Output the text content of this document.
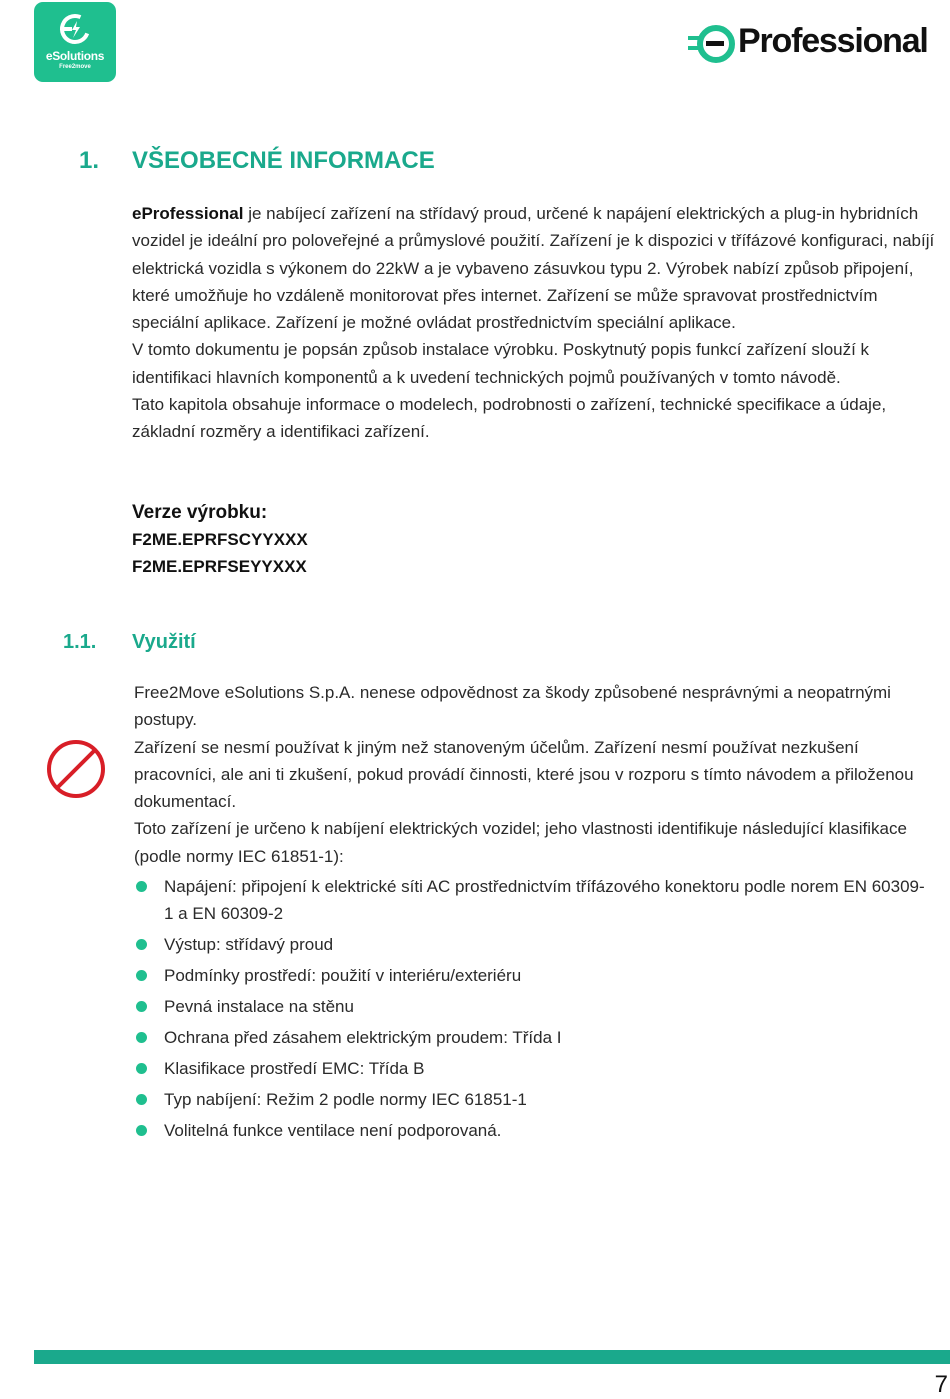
eSolutions
Free2move
Professional
1. VŠEOBECNÉ INFORMACE

eProfessional je nabíjecí zařízení na střídavý proud, určené k napájení elektrických a plug-in hybridních vozidel je ideální pro poloveřejné a průmyslové použití. Zařízení je k dispozici v třífázové konfiguraci, nabíjí elektrická vozidla s výkonem do 22kW a je vybaveno zásuvkou typu 2. Výrobek nabízí způsob připojení, které umožňuje ho vzdáleně monitorovat přes internet. Zařízení se může spravovat prostřednictvím speciální aplikace. Zařízení je možné ovládat prostřednictvím speciální aplikace.

V tomto dokumentu je popsán způsob instalace výrobku. Poskytnutý popis funkcí zařízení slouží k identifikaci hlavních komponentů a k uvedení technických pojmů používaných v tomto návodě.

Tato kapitola obsahuje informace o modelech, podrobnosti o zařízení, technické specifikace a údaje, základní rozměry a identifikaci zařízení.

Verze výrobku:
F2ME.EPRFSCYYXXX
F2ME.EPRFSEYYXXX
1.1. Využití

Free2Move eSolutions S.p.A. nenese odpovědnost za škody způsobené nesprávnými a neopatrnými postupy.

Zařízení se nesmí používat k jiným než stanoveným účelům. Zařízení nesmí používat nezkušení pracovníci, ale ani ti zkušení, pokud provádí činnosti, které jsou v rozporu s tímto návodem a přiloženou dokumentací.

Toto zařízení je určeno k nabíjení elektrických vozidel; jeho vlastnosti identifikuje následující klasifikace (podle normy IEC 61851-1):

Napájení: připojení k elektrické síti AC prostřednictvím třífázového konektoru podle norem EN 60309-1 a EN 60309-2
Výstup: střídavý proud
Podmínky prostředí: použití v interiéru/exteriéru
Pevná instalace na stěnu
Ochrana před zásahem elektrickým proudem: Třída I
Klasifikace prostředí EMC: Třída B
Typ nabíjení: Režim 2 podle normy IEC 61851-1
Volitelná funkce ventilace není podporovaná.
7
